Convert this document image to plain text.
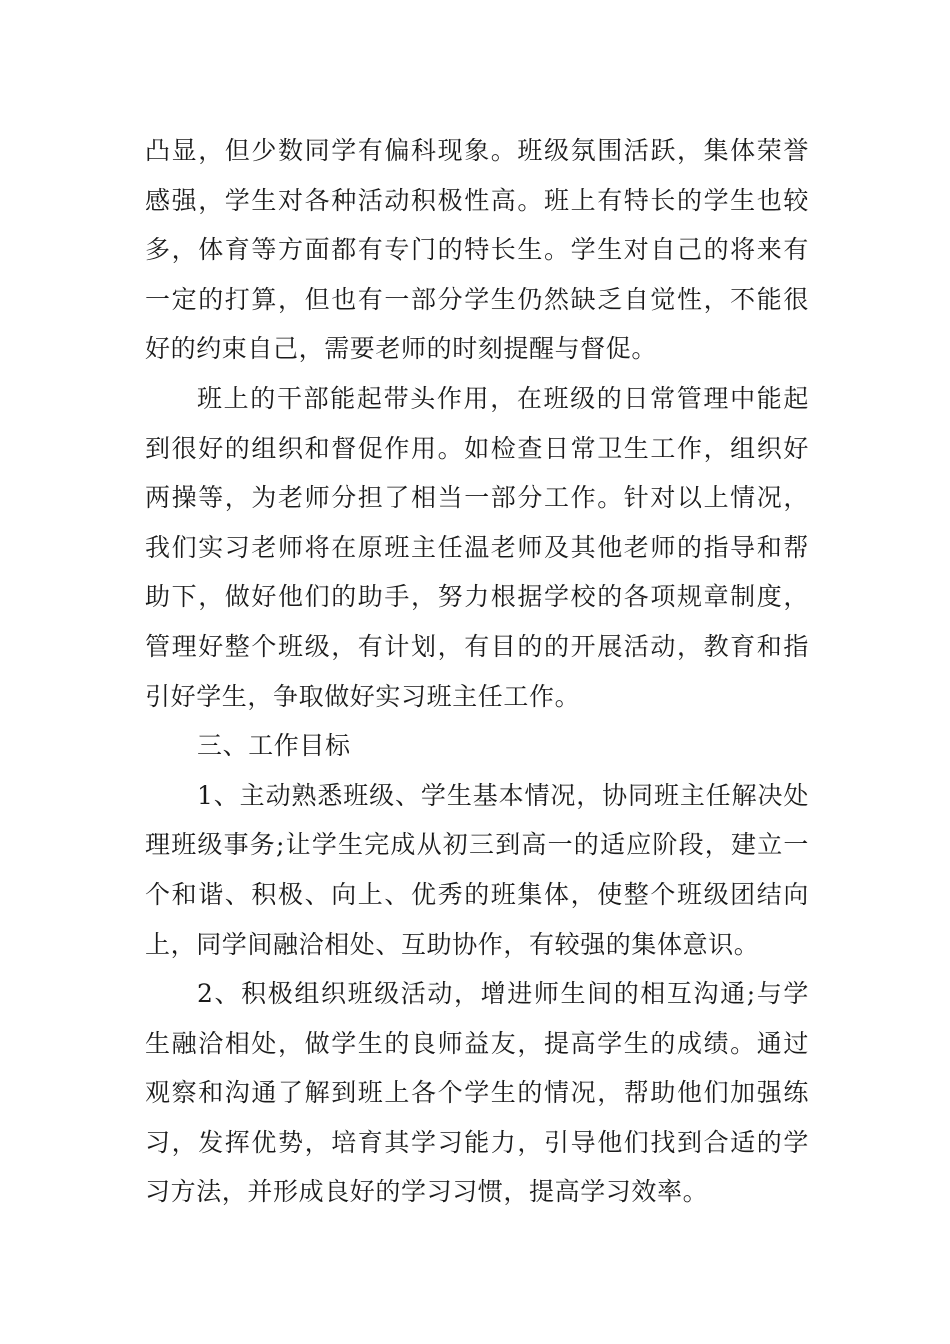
凸显，但少数同学有偏科现象。班级氛围活跃，集体荣誉感强，学生对各种活动积极性高。班上有特长的学生也较多，体育等方面都有专门的特长生。学生对自己的将来有一定的打算，但也有一部分学生仍然缺乏自觉性，不能很好的约束自己，需要老师的时刻提醒与督促。

班上的干部能起带头作用，在班级的日常管理中能起到很好的组织和督促作用。如检查日常卫生工作，组织好两操等，为老师分担了相当一部分工作。针对以上情况，我们实习老师将在原班主任温老师及其他老师的指导和帮助下，做好他们的助手，努力根据学校的各项规章制度，管理好整个班级，有计划，有目的的开展活动，教育和指引好学生，争取做好实习班主任工作。

三、工作目标

1、主动熟悉班级、学生基本情况，协同班主任解决处理班级事务;让学生完成从初三到高一的适应阶段，建立一个和谐、积极、向上、优秀的班集体，使整个班级团结向上，同学间融洽相处、互助协作，有较强的集体意识。

2、积极组织班级活动，增进师生间的相互沟通;与学生融洽相处，做学生的良师益友，提高学生的成绩。通过观察和沟通了解到班上各个学生的情况，帮助他们加强练习，发挥优势，培育其学习能力，引导他们找到合适的学习方法，并形成良好的学习习惯，提高学习效率。
